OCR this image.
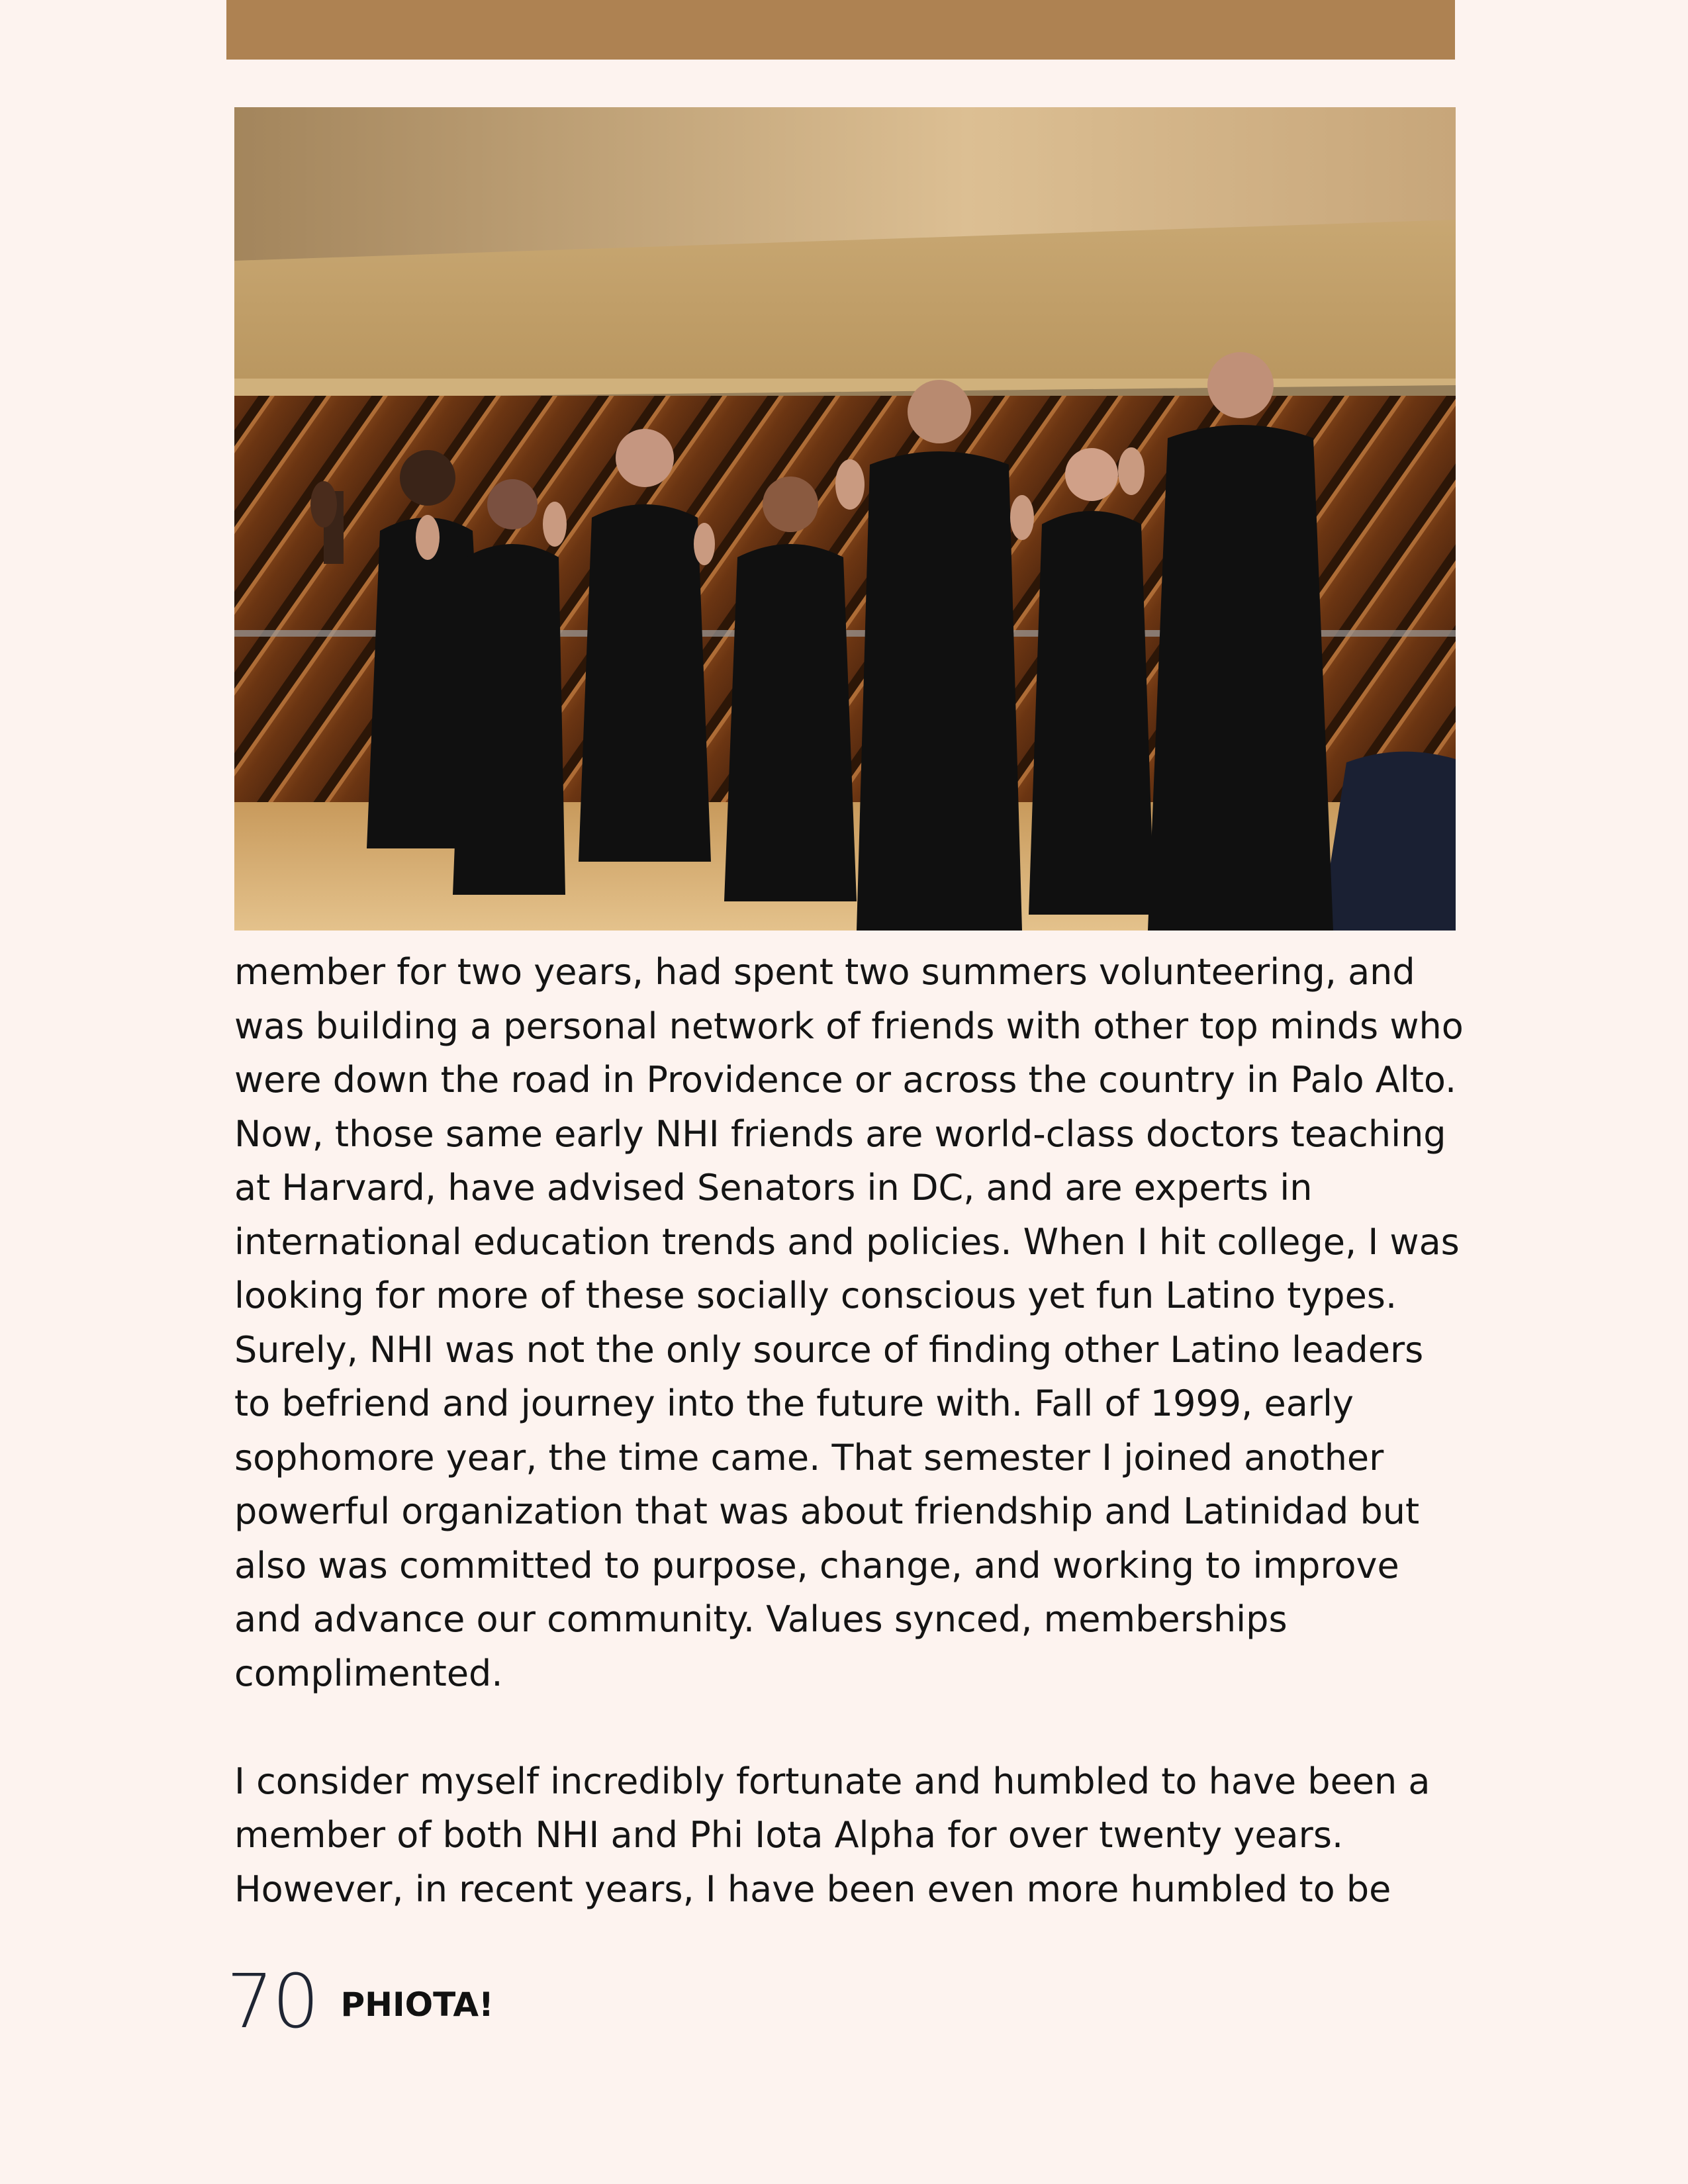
member for two years, had spent two summers volunteering, and was building a personal network of friends with other top minds who were down the road in Providence or across the country in Palo Alto. Now, those same early NHI friends are world-class doctors teaching at Harvard, have advised Senators in DC, and are experts in international education trends and policies. When I hit college, I was looking for more of these socially conscious yet fun Latino types. Surely, NHI was not the only source of finding other Latino leaders to befriend and journey into the future with. Fall of 1999, early sophomore year, the time came. That semester I joined another powerful organization that was about friendship and Latinidad but also was committed to purpose, change, and working to improve and advance our community. Values synced, memberships complimented.

I consider myself incredibly fortunate and humbled to have been a member of both NHI and Phi Iota Alpha for over twenty years. However, in recent years, I have been even more humbled to be

70 PHIOTA!
